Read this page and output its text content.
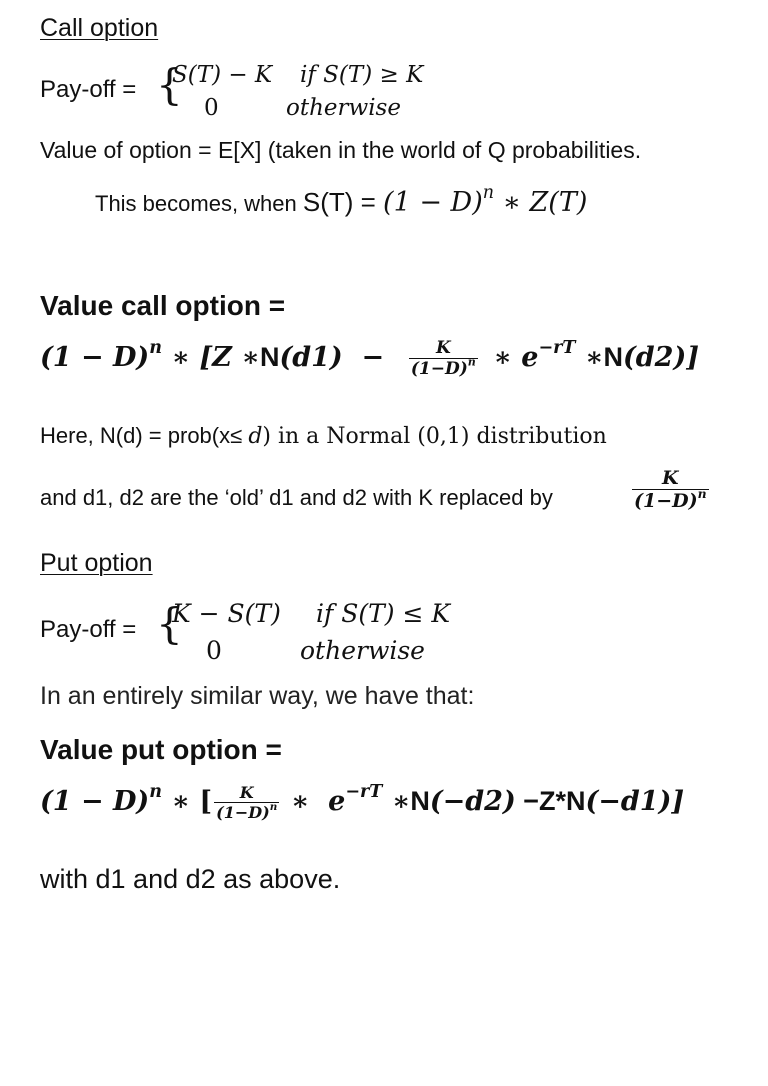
Call option
Pay-off = {
S(T) − K if S(T) ≥ K
0	otherwise
Value of option = E[X] (taken in the world of Q probabilities.
This becomes, when $S(T) = (1 - D)^n$ ∗ Z(T)
Value call option =
$(1 - D)^n$ ∗ [Z ∗N(d1)  − $\frac{K}{(1-D)^n}$ ∗ $e^{-rT}$ ∗N(d2)]
Here, N(d) = prob(x≤ d) in a Normal (0,1) distribution
and d1, d2 are the ‘old’ d1 and d2 with K replaced by	$\frac{K}{(1-D)^n}$
Put option
Pay-off = {
K − S(T) if S(T) ≤ K
0	otherwise
In an entirely similar way, we have that:
Value put option =
$(1 - D)^n$ ∗ [ $\frac{K}{(1-D)^n}$ ∗  $e^{-rT}$ ∗N(−d2) −Z*N(−d1)]
with d1 and d2 as above.
